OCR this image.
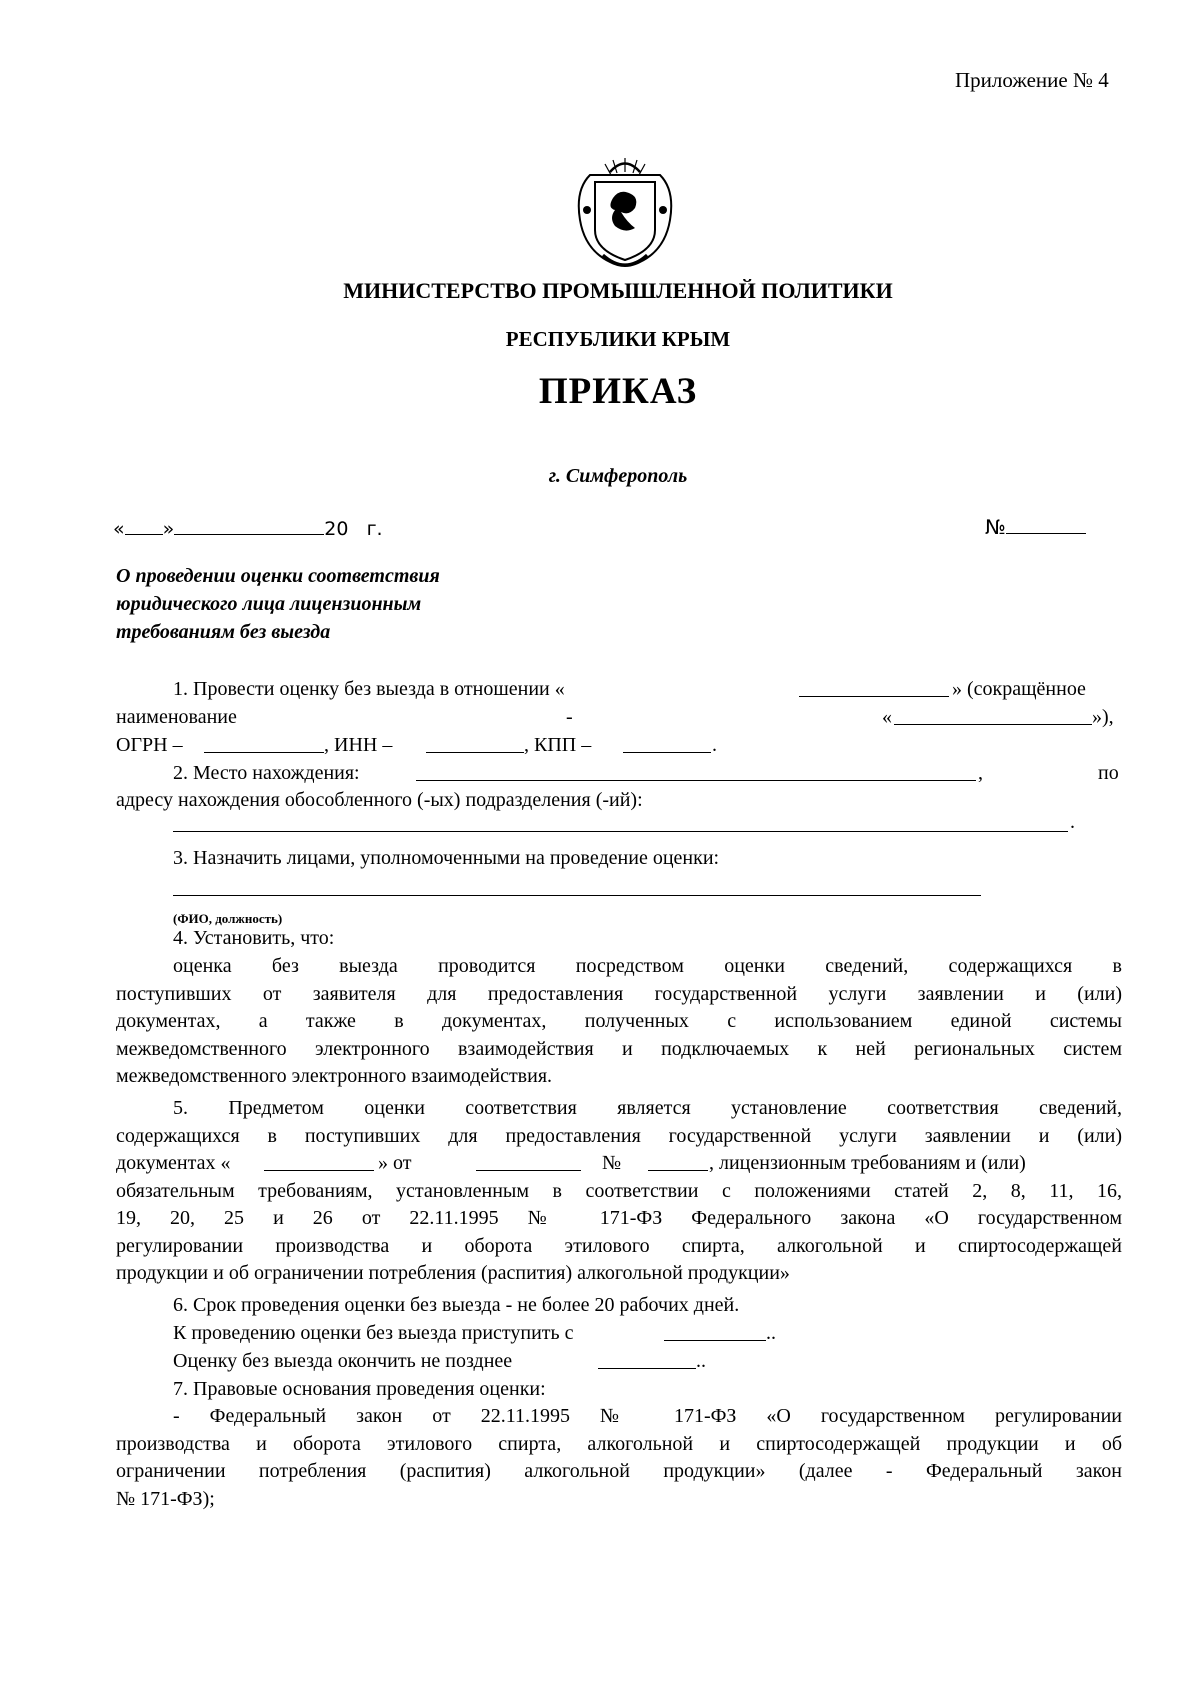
Приложение № 4
МИНИСТЕРСТВО ПРОМЫШЛЕННОЙ ПОЛИТИКИ
РЕСПУБЛИКИ КРЫМ
ПРИКАЗ
г. Симферополь
« »	20 г.	№
О проведении оценки соответствия
юридического лица лицензионным
требованиям без выезда
1. Провести оценку без выезда в отношении «	» (сокращённое
наименование	-	«	»),
ОГРН –	, ИНН –	, КПП –	.
2. Место нахождения:	,	по
адресу нахождения обособленного (-ых) подразделения (-ий):
.
3. Назначить лицами, уполномоченными на проведение оценки:
(ФИО, должность)
4. Установить, что:
оценка без выезда проводится посредством оценки сведений, содержащихся в
поступивших от заявителя для предоставления государственной услуги заявлении и (или)
документах, а также в документах, полученных с использованием единой системы
межведомственного электронного взаимодействия и подключаемых к ней региональных систем
межведомственного электронного взаимодействия.
5. Предметом оценки соответствия является установление соответствия сведений,
содержащихся в поступивших для предоставления государственной услуги заявлении и (или)
документах «	» от	№	, лицензионным требованиям и (или)
обязательным требованиям, установленным в соответствии с положениями статей 2, 8, 11, 16,
19, 20, 25 и 26 от 22.11.1995 № 171-ФЗ Федерального закона «О государственном
регулировании производства и оборота этилового спирта, алкогольной и спиртосодержащей
продукции и об ограничении потребления (распития) алкогольной продукции»
6. Срок проведения оценки без выезда - не более 20 рабочих дней.
К проведению оценки без выезда приступить с	..
Оценку без выезда окончить не позднее	..
7. Правовые основания проведения оценки:
- Федеральный закон от 22.11.1995 № 171-ФЗ «О государственном регулировании
производства и оборота этилового спирта, алкогольной и спиртосодержащей продукции и об
ограничении потребления (распития) алкогольной продукции» (далее - Федеральный закон
№ 171-ФЗ);
